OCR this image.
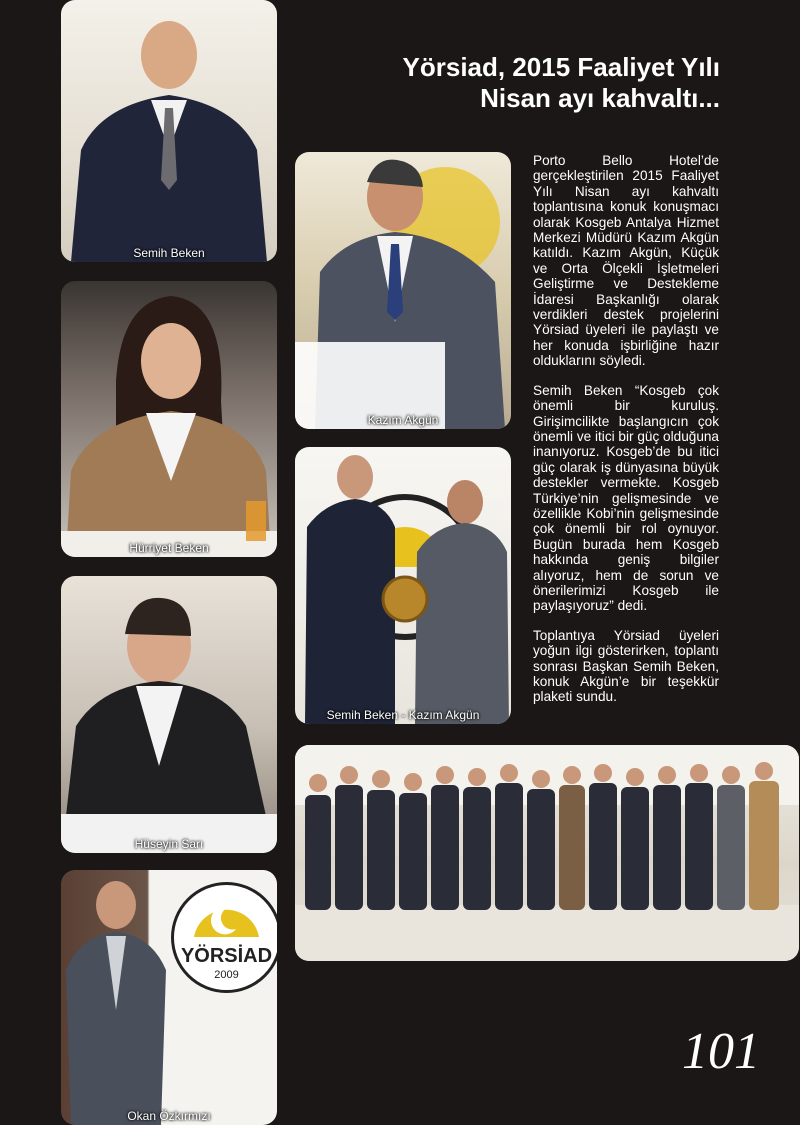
Yörsiad, 2015 Faaliyet Yılı
Nisan ayı kahvaltı...
Semih Beken
Hürriyet Beken
Hüseyin Sarı
YÖRSİAD
2009
Okan Özkırmızı
Kazım Akgün
Semih Beken - Kazım Akgün

Porto Bello Hotel’de gerçekleştirilen 2015 Faaliyet Yılı Nisan ayı kahvaltı toplantısına konuk konuşmacı olarak Kosgeb Antalya Hizmet Merkezi Müdürü Kazım Akgün katıldı. Kazım Akgün, Küçük ve Orta Ölçekli İşletmeleri Geliştirme ve Destekleme İdaresi Başkanlığı olarak verdikleri destek projelerini Yörsiad üyeleri ile paylaştı ve her konuda işbirliğine hazır olduklarını söyledi.

Semih Beken “Kosgeb çok önemli bir kuruluş. Girişimcilikte başlangıcın çok önemli ve itici bir güç olduğuna inanıyoruz. Kosgeb’de bu itici güç olarak iş dünyasına büyük destekler vermekte. Kosgeb Türkiye’nin gelişmesinde ve özellikle Kobi’nin gelişmesinde çok önemli bir rol oynuyor. Bugün burada hem Kosgeb hakkında geniş bilgiler alıyoruz, hem de sorun ve önerilerimizi Kosgeb ile paylaşıyoruz” dedi.

Toplantıya Yörsiad üyeleri yoğun ilgi gösterirken, toplantı sonrası Başkan Semih Beken, konuk Akgün’e bir teşekkür plaketi sundu.

101
